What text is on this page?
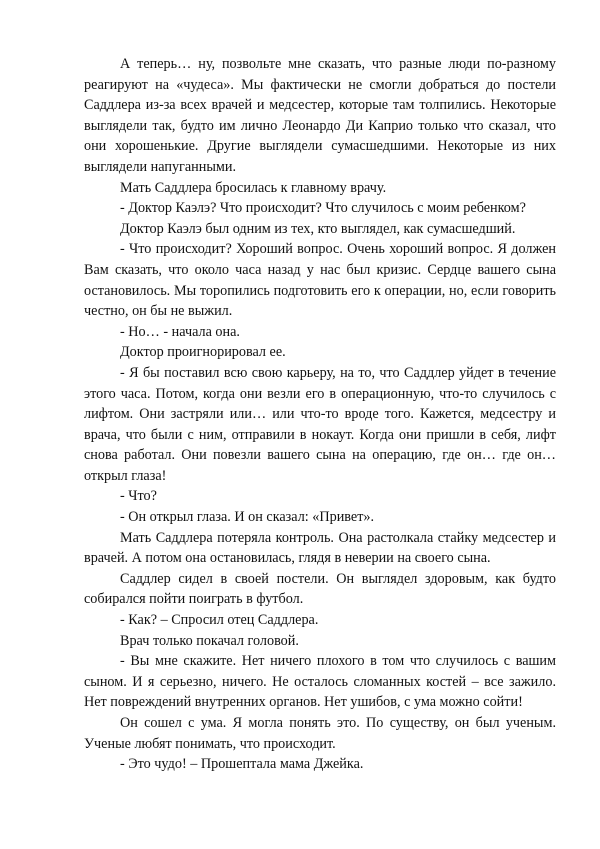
А теперь… ну, позвольте мне сказать, что разные люди по-разному реагируют на «чудеса». Мы фактически не смогли добраться до постели Саддлера из-за всех врачей и медсестер, которые там толпились. Некоторые выглядели так, будто им лично Леонардо Ди Каприо только что сказал, что они хорошенькие. Другие выглядели сумасшедшими. Некоторые из них выглядели напуганными.

Мать Саддлера бросилась к главному врачу.

- Доктор Каэлэ? Что происходит? Что случилось с моим ребенком?

Доктор Каэлэ был одним из тех, кто выглядел, как сумасшедший.

- Что происходит? Хороший вопрос. Очень хороший вопрос. Я должен Вам сказать, что около часа назад у нас был кризис. Сердце вашего сына остановилось. Мы торопились подготовить его к операции, но, если говорить честно, он бы не выжил.

- Но… - начала она.

Доктор проигнорировал ее.

- Я бы поставил всю свою карьеру, на то, что Саддлер уйдет в течение этого часа. Потом, когда они везли его в операционную, что-то случилось с лифтом. Они застряли или… или что-то вроде того. Кажется, медсестру и врача, что были с ним, отправили в нокаут. Когда они пришли в себя, лифт снова работал. Они повезли вашего сына на операцию, где он… где он… открыл глаза!

- Что?

- Он открыл глаза. И он сказал: «Привет».

Мать Саддлера потеряла контроль. Она растолкала стайку медсестер и врачей. А потом она остановилась, глядя в неверии на своего сына.

Саддлер сидел в своей постели. Он выглядел здоровым, как будто собирался пойти поиграть в футбол.

- Как? – Спросил отец Саддлера.

Врач только покачал головой.

- Вы мне скажите. Нет ничего плохого в том что случилось с вашим сыном. И я серьезно, ничего. Не осталось сломанных костей – все зажило. Нет повреждений внутренних органов. Нет ушибов, с ума можно сойти!

Он сошел с ума. Я могла понять это. По существу, он был ученым. Ученые любят понимать, что происходит.

- Это чудо! – Прошептала мама Джейка.
